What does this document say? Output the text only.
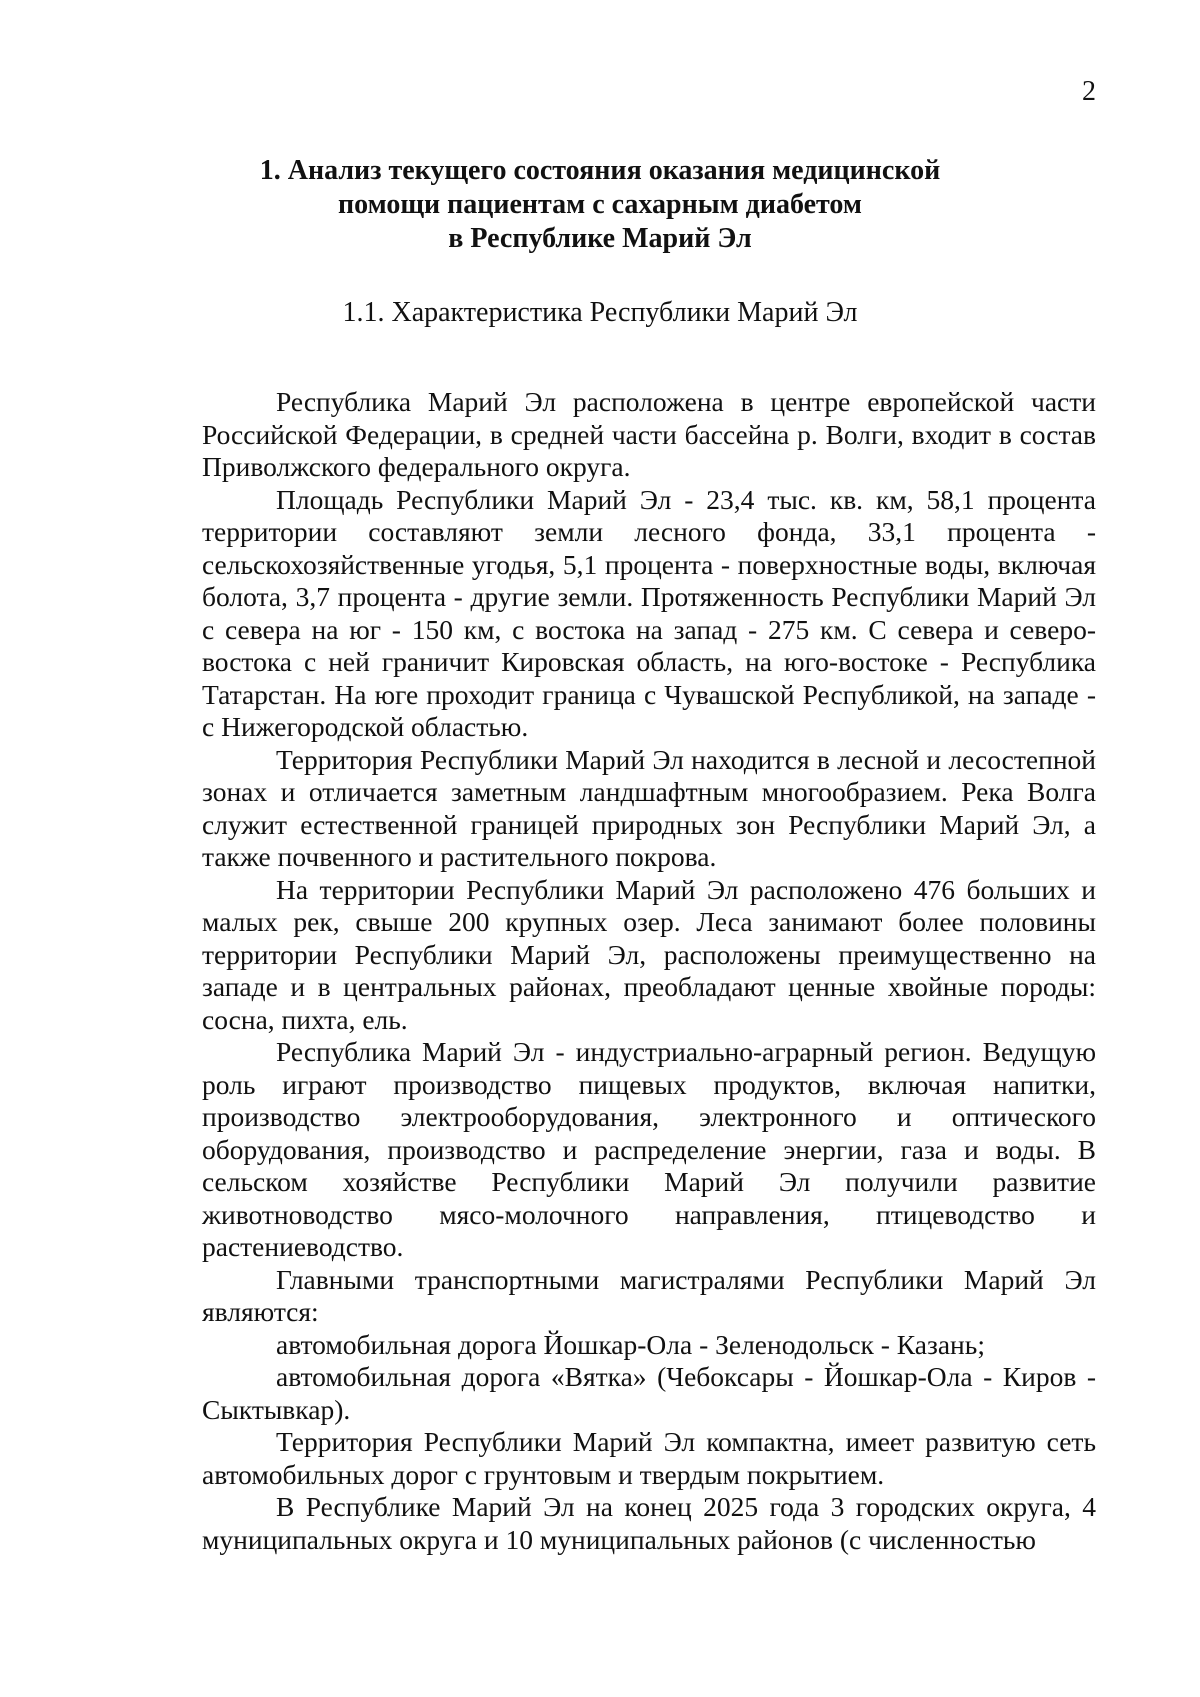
2
1. Анализ текущего состояния оказания медицинской
помощи пациентам с сахарным диабетом
в Республике Марий Эл
1.1. Характеристика Республики Марий Эл

Республика Марий Эл расположена в центре европейской части Российской Федерации, в средней части бассейна р. Волги, входит в состав Приволжского федерального округа.

Площадь Республики Марий Эл - 23,4 тыс. кв. км, 58,1 процента территории составляют земли лесного фонда, 33,1 процента - сельскохозяйственные угодья, 5,1 процента - поверхностные воды, включая болота, 3,7 процента - другие земли. Протяженность Республики Марий Эл с севера на юг - 150 км, с востока на запад - 275 км. С севера и северо-востока с ней граничит Кировская область, на юго-востоке - Республика Татарстан. На юге проходит граница с Чувашской Республикой, на западе - с Нижегородской областью.

Территория Республики Марий Эл находится в лесной и лесостепной зонах и отличается заметным ландшафтным многообразием. Река Волга служит естественной границей природных зон Республики Марий Эл, а также почвенного и растительного покрова.

На территории Республики Марий Эл расположено 476 больших и малых рек, свыше 200 крупных озер. Леса занимают более половины территории Республики Марий Эл, расположены преимущественно на западе и в центральных районах, преобладают ценные хвойные породы: сосна, пихта, ель.

Республика Марий Эл - индустриально-аграрный регион. Ведущую роль играют производство пищевых продуктов, включая напитки, производство электрооборудования, электронного и оптического оборудования, производство и распределение энергии, газа и воды. В сельском хозяйстве Республики Марий Эл получили развитие животноводство мясо-молочного направления, птицеводство и растениеводство.

Главными транспортными магистралями Республики Марий Эл являются:

автомобильная дорога Йошкар-Ола - Зеленодольск - Казань;

автомобильная дорога «Вятка» (Чебоксары - Йошкар-Ола - Киров - Сыктывкар).

Территория Республики Марий Эл компактна, имеет развитую сеть автомобильных дорог с грунтовым и твердым покрытием.

В Республике Марий Эл на конец 2025 года 3 городских округа, 4 муниципальных округа и 10 муниципальных районов (с численностью
